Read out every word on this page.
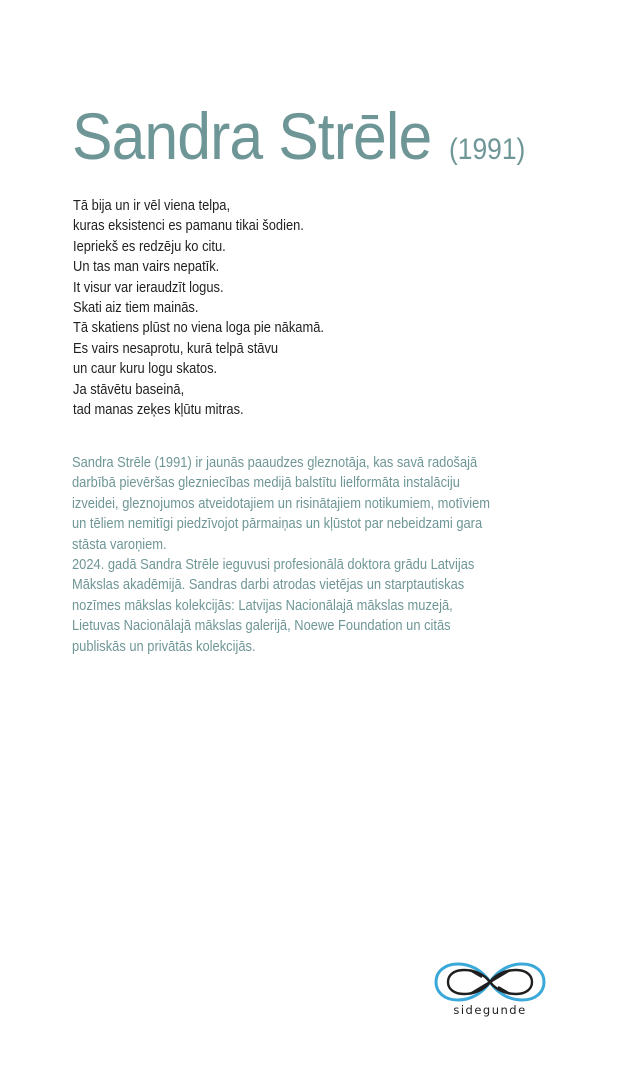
Sandra Strēle (1991)
Tā bija un ir vēl viena telpa,
kuras eksistenci es pamanu tikai šodien.
Iepriekš es redzēju ko citu.
Un tas man vairs nepatīk.
It visur var ieraudzīt logus.
Skati aiz tiem mainās.
Tā skatiens plūst no viena loga pie nākamā.
Es vairs nesaprotu, kurā telpā stāvu
un caur kuru logu skatos.
Ja stāvētu baseinā,
tad manas zeķes kļūtu mitras.
Sandra Strēle (1991) ir jaunās paaudzes gleznotāja, kas savā radošajā
darbībā pievēršas glezniecības medijā balstītu lielformāta instalāciju
izveidei, gleznojumos atveidotajiem un risinātajiem notikumiem, motīviem
un tēliem nemitīgi piedzīvojot pārmaiņas un kļūstot par nebeidzami gara
stāsta varoņiem.
2024. gadā Sandra Strēle ieguvusi profesionālā doktora grādu Latvijas
Mākslas akadēmijā. Sandras darbi atrodas vietējas un starptautiskas
nozīmes mākslas kolekcijās: Latvijas Nacionālajā mākslas muzejā,
Lietuvas Nacionālajā mākslas galerijā, Noewe Foundation un citās
publiskās un privātās kolekcijās.
sidegunde
